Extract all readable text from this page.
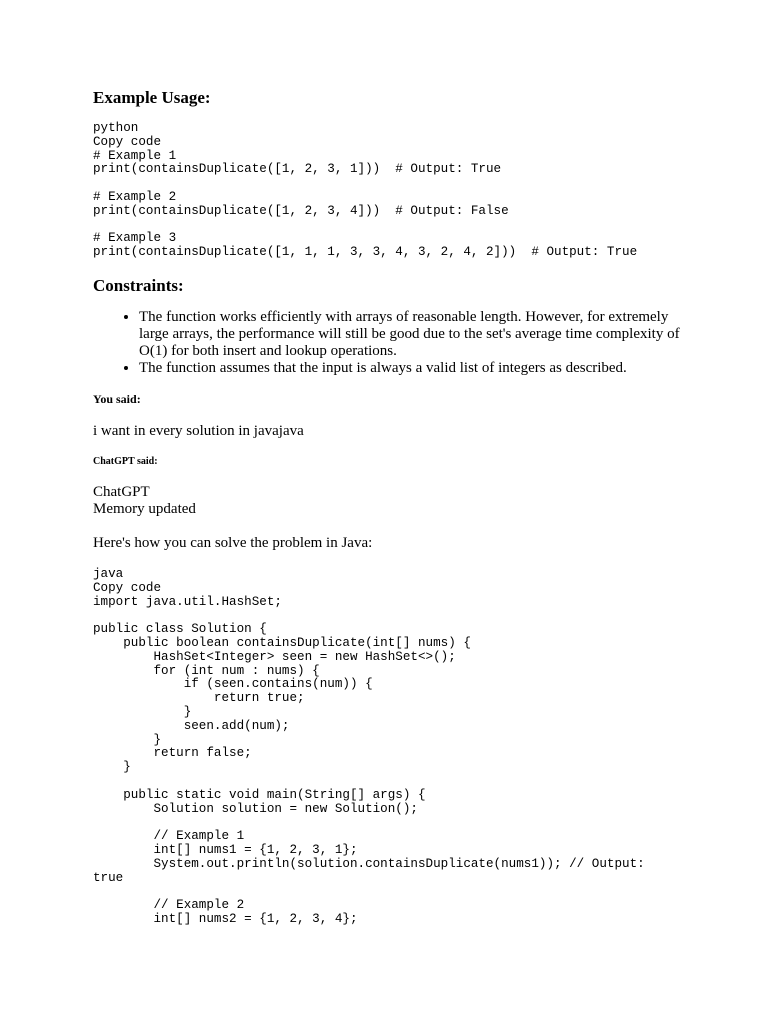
Example Usage:
python
Copy code
# Example 1
print(containsDuplicate([1, 2, 3, 1]))  # Output: True

# Example 2
print(containsDuplicate([1, 2, 3, 4]))  # Output: False

# Example 3
print(containsDuplicate([1, 1, 1, 3, 3, 4, 3, 2, 4, 2]))  # Output: True
Constraints:
• The function works efficiently with arrays of reasonable length. However, for extremely large arrays, the performance will still be good due to the set's average time complexity of O(1) for both insert and lookup operations.
• The function assumes that the input is always a valid list of integers as described.
You said:

i want in every solution in javajava

ChatGPT said:

ChatGPT

Memory updated

Here's how you can solve the problem in Java:

java
Copy code
import java.util.HashSet;

public class Solution {
public boolean containsDuplicate(int[] nums) {
HashSet<Integer> seen = new HashSet<>();
for (int num : nums) {
if (seen.contains(num)) {
return true;
}
seen.add(num);
}
return false;
}

public static void main(String[] args) {
Solution solution = new Solution();

// Example 1
int[] nums1 = {1, 2, 3, 1};
System.out.println(solution.containsDuplicate(nums1)); // Output:
true

// Example 2
int[] nums2 = {1, 2, 3, 4};
